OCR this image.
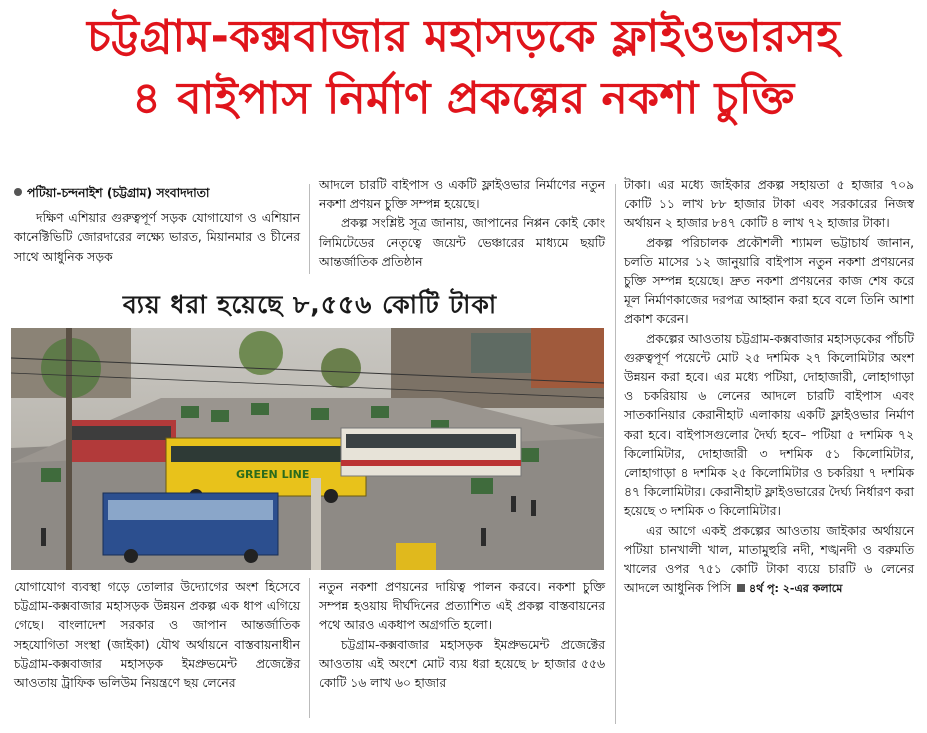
চট্টগ্রাম-কক্সবাজার মহাসড়কে ফ্লাইওভারসহ
৪ বাইপাস নির্মাণ প্রকল্পের নকশা চুক্তি
পটিয়া-চন্দনাইশ (চট্টগ্রাম) সংবাদদাতা

দক্ষিণ এশিয়ার গুরুত্বপূর্ণ সড়ক যোগাযোগ ও এশিয়ান কানেক্টিভিটি জোরদারের লক্ষ্যে ভারত, মিয়ানমার ও চীনের সাথে আধুনিক সড়ক

আদলে চারটি বাইপাস ও একটি ফ্লাইওভার নির্মাণের নতুন নকশা প্রণয়ন চুক্তি সম্পন্ন হয়েছে।

প্রকল্প সংশ্লিষ্ট সূত্র জানায়, জাপানের নিপ্পন কোই কোং লিমিটেডের নেতৃত্বে জয়েন্ট ভেঞ্চারের মাধ্যমে ছয়টি আন্তর্জাতিক প্রতিষ্ঠান

ব্যয় ধরা হয়েছে ৮,৫৫৬ কোটি টাকা
GREEN LINE

যোগাযোগ ব্যবস্থা গড়ে তোলার উদ্যোগের অংশ হিসেবে চট্টগ্রাম-কক্সবাজার মহাসড়ক উন্নয়ন প্রকল্প এক ধাপ এগিয়ে গেছে। বাংলাদেশ সরকার ও জাপান আন্তর্জাতিক সহযোগিতা সংস্থা (জাইকা) যৌথ অর্থায়নে বাস্তবায়নাধীন চট্টগ্রাম-কক্সবাজার মহাসড়ক ইমপ্রুভমেন্ট প্রজেক্টের আওতায় ট্রাফিক ভলিউম নিয়ন্ত্রণে ছয় লেনের

নতুন নকশা প্রণয়নের দায়িত্ব পালন করবে। নকশা চুক্তি সম্পন্ন হওয়ায় দীর্ঘদিনের প্রত্যাশিত এই প্রকল্প বাস্তবায়নের পথে আরও একধাপ অগ্রগতি হলো।

চট্টগ্রাম-কক্সবাজার মহাসড়ক ইমপ্রুভমেন্ট প্রজেক্টের আওতায় এই অংশে মোট ব্যয় ধরা হয়েছে ৮ হাজার ৫৫৬ কোটি ১৬ লাখ ৬০ হাজার

টাকা। এর মধ্যে জাইকার প্রকল্প সহায়তা ৫ হাজার ৭০৯ কোটি ১১ লাখ ৮৮ হাজার টাকা এবং সরকারের নিজস্ব অর্থায়ন ২ হাজার ৮৪৭ কোটি ৪ লাখ ৭২ হাজার টাকা।

প্রকল্প পরিচালক প্রকৌশলী শ্যামল ভট্টাচার্য জানান, চলতি মাসের ১২ জানুয়ারি বাইপাস নতুন নকশা প্রণয়নের চুক্তি সম্পন্ন হয়েছে। দ্রুত নকশা প্রণয়নের কাজ শেষ করে মূল নির্মাণকাজের দরপত্র আহ্বান করা হবে বলে তিনি আশা প্রকাশ করেন।

প্রকল্পের আওতায় চট্টগ্রাম-কক্সবাজার মহাসড়কের পাঁচটি গুরুত্বপূর্ণ পয়েন্টে মোট ২৫ দশমিক ২৭ কিলোমিটার অংশ উন্নয়ন করা হবে। এর মধ্যে পটিয়া, দোহাজারী, লোহাগাড়া ও চকরিয়ায় ৬ লেনের আদলে চারটি বাইপাস এবং সাতকানিয়ার কেরানীহাট এলাকায় একটি ফ্লাইওভার নির্মাণ করা হবে। বাইপাসগুলোর দৈর্ঘ্য হবে– পটিয়া ৫ দশমিক ৭২ কিলোমিটার, দোহাজারী ৩ দশমিক ৫১ কিলোমিটার, লোহাগাড়া ৪ দশমিক ২৫ কিলোমিটার ও চকরিয়া ৭ দশমিক ৪৭ কিলোমিটার। কেরানীহাট ফ্লাইওভারের দৈর্ঘ্য নির্ধারণ করা হয়েছে ৩ দশমিক ৩ কিলোমিটার।

এর আগে একই প্রকল্পের আওতায় জাইকার অর্থায়নে পটিয়া চানখালী খাল, মাতামুহুরি নদী, শঙ্খনদী ও বরুমতি খালের ওপর ৭৫১ কোটি টাকা ব্যয়ে চারটি ৬ লেনের আদলে আধুনিক পিসি ৪র্থ পৃ: ২-এর কলামে
